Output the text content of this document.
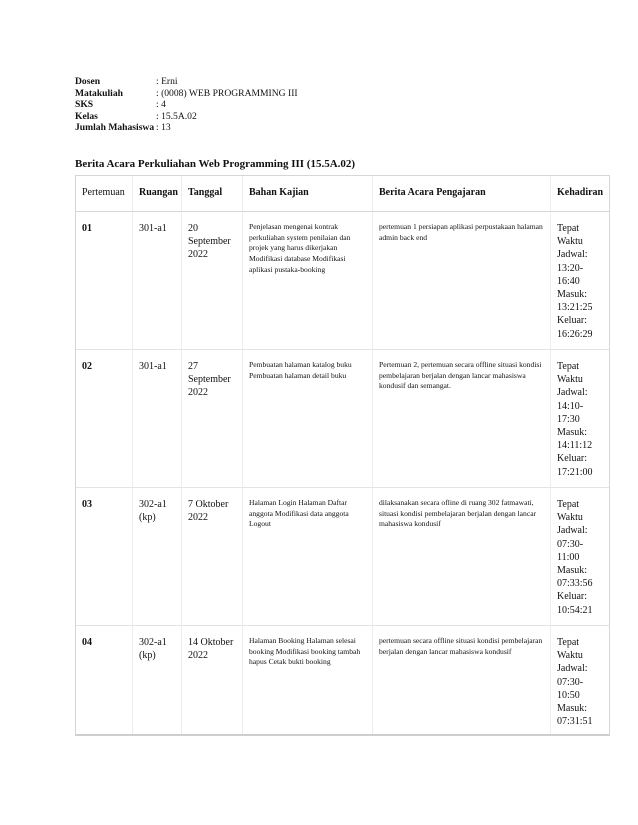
Dosen	: Erni
Matakuliah	: (0008) WEB PROGRAMMING III
SKS	: 4
Kelas	: 15.5A.02
Jumlah Mahasiswa : 13
Berita Acara Perkuliahan Web Programming III (15.5A.02)
Pertemuan	Ruangan	Tanggal	Bahan Kajian	Berita Acara Pengajaran	Kehadiran
01	301-a1	20 September 2022	Penjelasan mengenai kontrak perkuliahan system penilaian dan projek yang harus dikerjakan Modifikasi database Modifikasi aplikasi pustaka-booking	pertemuan 1 persiapan aplikasi perpustakaan halaman admin back end	Tepat Waktu
Jadwal: 13:20-16:40
Masuk: 13:21:25
Keluar: 16:26:29

02	301-a1	27 September 2022	Pembuatan halaman katalog buku Pembuatan halaman detail buku	Pertemuan 2, pertemuan secara offline situasi kondisi pembelajaran berjalan dengan lancar mahasiswa kondusif dan semangat.	Tepat Waktu
Jadwal: 14:10-17:30
Masuk: 14:11:12
Keluar: 17:21:00

03	302-a1 (kp)	7 Oktober 2022	Halaman Login Halaman Daftar anggota Modifikasi data anggota Logout	dilaksanakan secara ofline di ruang 302 fatmawati, situasi kondisi pembelajaran berjalan dengan lancar mahasiswa kondusif	Tepat Waktu
Jadwal: 07:30-11:00
Masuk: 07:33:56
Keluar: 10:54:21

04	302-a1 (kp)	14 Oktober 2022	Halaman Booking Halaman selesai booking Modifikasi booking tambah hapus Cetak bukti booking	pertemuan secara offline situasi kondisi pembelajaran berjalan dengan lancar mahasiswa kondusif	Tepat Waktu
Jadwal: 07:30-10:50
Masuk: 07:31:51
